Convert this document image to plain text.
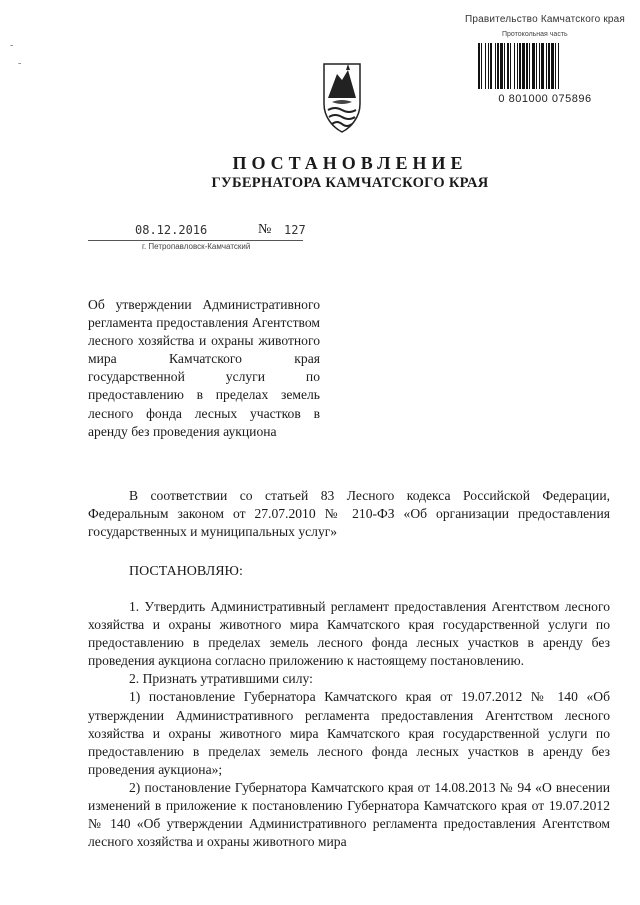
‐
‐
Правительство Камчатского края
Протокольная часть
0 801000 075896
ПОСТАНОВЛЕНИЕ
ГУБЕРНАТОРА КАМЧАТСКОГО КРАЯ
08.12.2016	№ 127
г. Петропавловск-Камчатский
Об утверждении Административного регламента предоставления Агентством лесного хозяйства и охраны животного мира Камчатского края государственной услуги по предоставлению в пределах земель лесного фонда лесных участков в аренду без проведения аукциона
В соответствии со статьей 83 Лесного кодекса Российской Федерации, Федеральным законом от 27.07.2010 № 210-ФЗ «Об организации предоставления государственных и муниципальных услуг»
ПОСТАНОВЛЯЮ:
1. Утвердить Административный регламент предоставления Агентством лесного хозяйства и охраны животного мира Камчатского края государственной услуги по предоставлению в пределах земель лесного фонда лесных участков в аренду без проведения аукциона согласно приложению к настоящему постановлению.
2. Признать утратившими силу:
1) постановление Губернатора Камчатского края от 19.07.2012 № 140 «Об утверждении Административного регламента предоставления Агентством лесного хозяйства и охраны животного мира Камчатского края государственной услуги по предоставлению в пределах земель лесного фонда лесных участков в аренду без проведения аукциона»;
2) постановление Губернатора Камчатского края от 14.08.2013 № 94 «О внесении изменений в приложение к постановлению Губернатора Камчатского края от 19.07.2012 № 140 «Об утверждении Административного регламента предоставления Агентством лесного хозяйства и охраны животного мира
